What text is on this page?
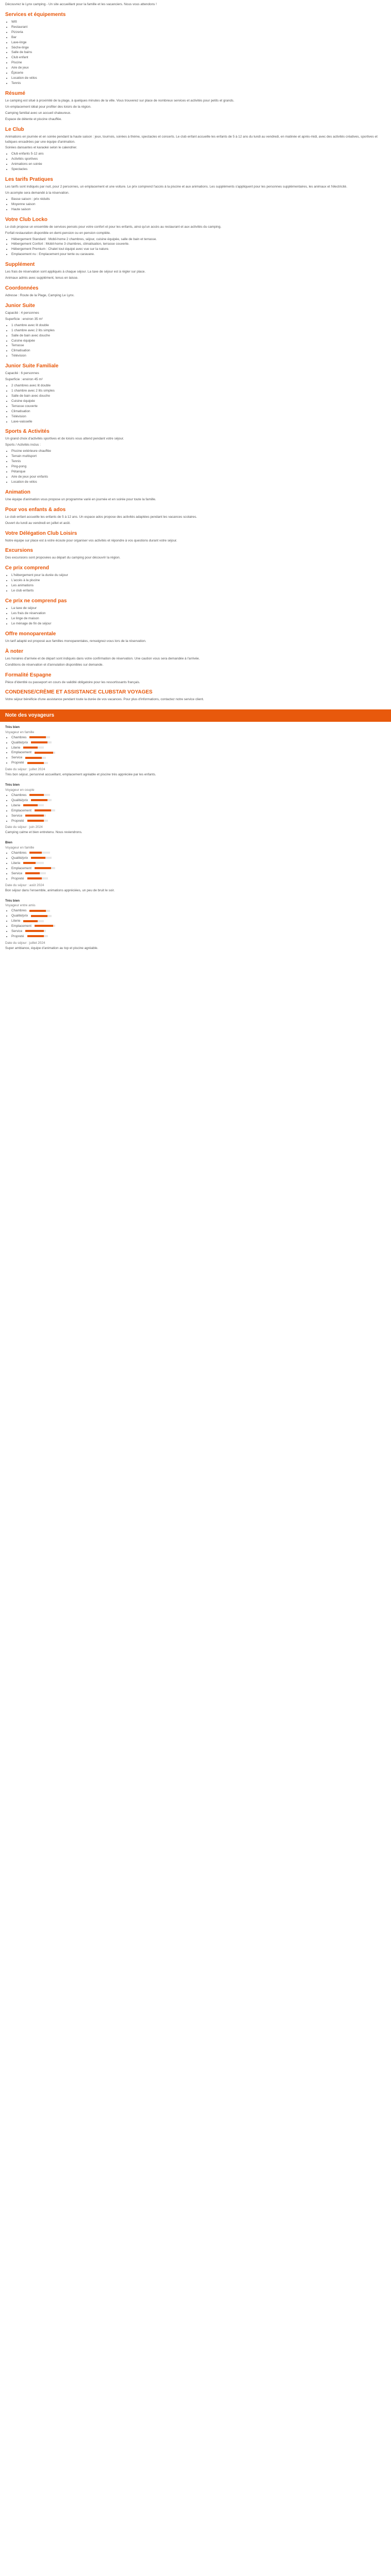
Découvrez le Lynx camping - Un site accueillant pour la famille et les vacanciers. Nous vous attendons !
Services et équipements
• Wifi
• Restaurant
• Pizzeria
• Bar
• Lave-linge
• Sèche-linge
• Salle de bains
• Club enfant
• Piscine
• Aire de jeux
• Épicerie
• Location de vélos
• Tennis
Résumé
Le camping est situé à proximité de la plage, à quelques minutes de la ville. Vous trouverez sur place de nombreux services et activités pour petits et grands.
Un emplacement idéal pour profiter des loisirs de la région.
Camping familial avec un accueil chaleureux.
Espace de détente et piscine chauffée.
Le Club
Animations en journée et en soirée pendant la haute saison : jeux, tournois, soirées à thème, spectacles et concerts. Le club enfant accueille les enfants de 5 à 12 ans du lundi au vendredi, en matinée et après-midi, avec des activités créatives, sportives et ludiques encadrées par une équipe d'animation.
Soirées dansantes et karaoké selon le calendrier.
• Club enfants 5-12 ans
• Activités sportives
• Animations en soirée
• Spectacles
Les tarifs Pratiques
Les tarifs sont indiqués par nuit, pour 2 personnes, un emplacement et une voiture. Le prix comprend l'accès à la piscine et aux animations. Les suppléments s'appliquent pour les personnes supplémentaires, les animaux et l'électricité.
Un acompte sera demandé à la réservation.
• Basse saison : prix réduits
• Moyenne saison
• Haute saison
Votre Club Locko
Le club propose un ensemble de services pensés pour votre confort et pour les enfants, ainsi qu'un accès au restaurant et aux activités du camping.
Forfait restauration disponible en demi-pension ou en pension complète.
• Hébergement Standard : Mobil-home 2 chambres, séjour, cuisine équipée, salle de bain et terrasse.
• Hébergement Confort : Mobil-home 3 chambres, climatisation, terrasse couverte.
• Hébergement Premium : Chalet tout équipé avec vue sur la nature.
• Emplacement nu : Emplacement pour tente ou caravane.
Supplément
Les frais de réservation sont appliqués à chaque séjour. La taxe de séjour est à régler sur place.
Animaux admis avec supplément, tenus en laisse.
Coordonnées
Adresse : Route de la Plage, Camping Le Lynx.
Junior Suite
Capacité : 4 personnes
Superficie : environ 35 m²
• 1 chambre avec lit double
• 1 chambre avec 2 lits simples
• Salle de bain avec douche
• Cuisine équipée
• Terrasse
• Climatisation
• Télévision
Junior Suite Familiale
Capacité : 6 personnes
Superficie : environ 45 m²
• 2 chambres avec lit double
• 1 chambre avec 2 lits simples
• Salle de bain avec douche
• Cuisine équipée
• Terrasse couverte
• Climatisation
• Télévision
• Lave-vaisselle
Sports & Activités
Un grand choix d'activités sportives et de loisirs vous attend pendant votre séjour.
Sports / Activités inclus :
• Piscine extérieure chauffée
• Terrain multisport
• Tennis
• Ping-pong
• Pétanque
• Aire de jeux pour enfants
• Location de vélos
Animation
Une équipe d'animation vous propose un programme varié en journée et en soirée pour toute la famille.
Pour vos enfants & ados
Le club enfant accueille les enfants de 5 à 12 ans. Un espace ados propose des activités adaptées pendant les vacances scolaires.
Ouvert du lundi au vendredi en juillet et août.
Votre Délégation Club Loisirs
Notre équipe sur place est à votre écoute pour organiser vos activités et répondre à vos questions durant votre séjour.
Excursions
Des excursions sont proposées au départ du camping pour découvrir la région.
Ce prix comprend
• L'hébergement pour la durée du séjour
• L'accès à la piscine
• Les animations
• Le club enfants
Ce prix ne comprend pas
• La taxe de séjour
• Les frais de réservation
• Le linge de maison
• Le ménage de fin de séjour
Offre monoparentale
Un tarif adapté est proposé aux familles monoparentales, renseignez-vous lors de la réservation.
À noter
Les horaires d'arrivée et de départ sont indiqués dans votre confirmation de réservation. Une caution vous sera demandée à l'arrivée.
Conditions de réservation et d'annulation disponibles sur demande.
Formalité Espagne
Pièce d'identité ou passeport en cours de validité obligatoire pour les ressortissants français.
CONDENSE/CRÈME ET ASSISTANCE CLUBSTAR VOYAGES
Votre séjour bénéficie d'une assistance pendant toute la durée de vos vacances. Pour plus d'informations, contactez notre service client.
Note des voyageurs
Très bien
Voyageur en famille
• Chambres
• Qualité/prix
• Literie
• Emplacement
• Service
• Propreté
Date du séjour : juillet 2024
Très bon séjour, personnel accueillant, emplacement agréable et piscine très appréciée par les enfants.
Très bien
Voyageur en couple
• Chambres
• Qualité/prix
• Literie
• Emplacement
• Service
• Propreté
Date du séjour : juin 2024
Camping calme et bien entretenu. Nous reviendrons.
Bien
Voyageur en famille
• Chambres
• Qualité/prix
• Literie
• Emplacement
• Service
• Propreté
Date du séjour : août 2024
Bon séjour dans l'ensemble, animations appréciées, un peu de bruit le soir.
Très bien
Voyageur entre amis
• Chambres
• Qualité/prix
• Literie
• Emplacement
• Service
• Propreté
Date du séjour : juillet 2024
Super ambiance, équipe d'animation au top et piscine agréable.
